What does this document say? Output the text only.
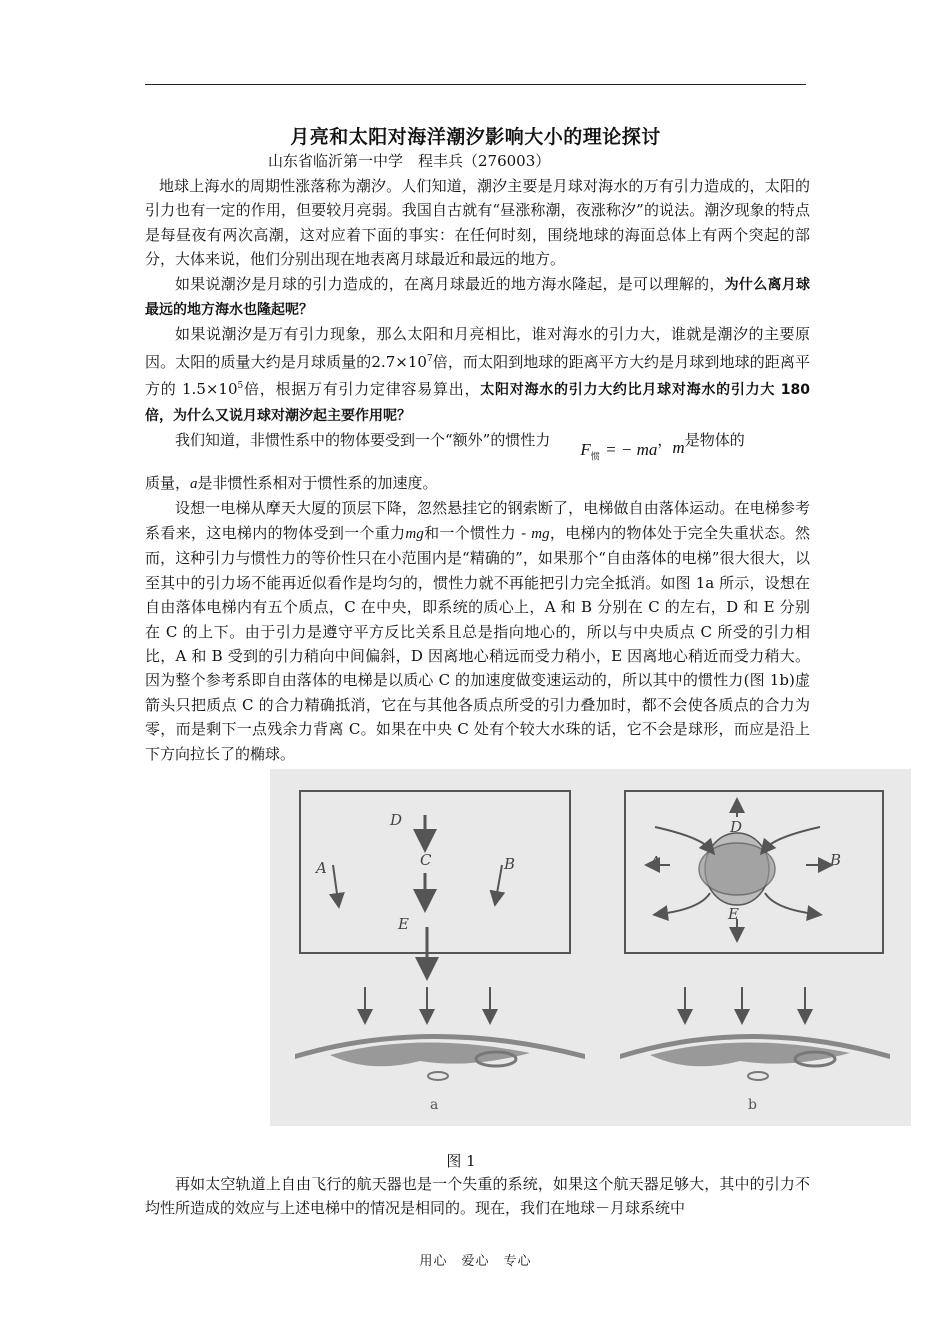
月亮和太阳对海洋潮汐影响大小的理论探讨
山东省临沂第一中学　程丰兵（276003）

地球上海水的周期性涨落称为潮汐。人们知道，潮汐主要是月球对海水的万有引力造成的，太阳的引力也有一定的作用，但要较月亮弱。我国自古就有“昼涨称潮，夜涨称汐”的说法。潮汐现象的特点是每昼夜有两次高潮，这对应着下面的事实：在任何时刻，围绕地球的海面总体上有两个突起的部分，大体来说，他们分别出现在地表离月球最近和最远的地方。

如果说潮汐是月球的引力造成的，在离月球最近的地方海水隆起，是可以理解的，为什么离月球最远的地方海水也隆起呢？

如果说潮汐是万有引力现象，那么太阳和月亮相比，谁对海水的引力大，谁就是潮汐的主要原因。太阳的质量大约是月球质量的$2.7\times 10^7$倍，而太阳到地球的距离平方大约是月球到地球的距离平方的 $1.5\times 10^5$倍，根据万有引力定律容易算出，太阳对海水的引力大约比月球对海水的引力大 180 倍，为什么又说月球对潮汐起主要作用呢？

我们知道，非惯性系中的物体要受到一个“额外”的惯性力 $F_惯$ = − ma，m是物体的

质量，a是非惯性系相对于惯性系的加速度。

设想一电梯从摩天大厦的顶层下降，忽然悬挂它的钢索断了，电梯做自由落体运动。在电梯参考系看来，这电梯内的物体受到一个重力mg和一个惯性力 - mg，电梯内的物体处于完全失重状态。然而，这种引力与惯性力的等价性只在小范围内是“精确的”，如果那个“自由落体的电梯”很大很大，以至其中的引力场不能再近似看作是均匀的，惯性力就不再能把引力完全抵消。如图 1a 所示，设想在自由落体电梯内有五个质点，C 在中央，即系统的质心上，A 和 B 分别在 C 的左右，D 和 E 分别在 C 的上下。由于引力是遵守平方反比关系且总是指向地心的，所以与中央质点 C 所受的引力相比，A 和 B 受到的引力稍向中间偏斜，D 因离地心稍远而受力稍小，E 因离地心稍近而受力稍大。因为整个参考系即自由落体的电梯是以质心 C 的加速度做变速运动的，所以其中的惯性力(图 1b)虚箭头只把质点 C 的合力精确抵消，它在与其他各质点所受的引力叠加时，都不会使各质点的合力为零，而是剩下一点残余力背离 C。如果在中央 C 处有个较大水珠的话，它不会是球形，而应是沿上下方向拉长了的椭球。

D
C
A	B
E
a
D
A	B
E
b
图 1

再如太空轨道上自由飞行的航天器也是一个失重的系统，如果这个航天器足够大，其中的引力不均性所造成的效应与上述电梯中的情况是相同的。现在，我们在地球－月球系统中

用心　爱心　专心
